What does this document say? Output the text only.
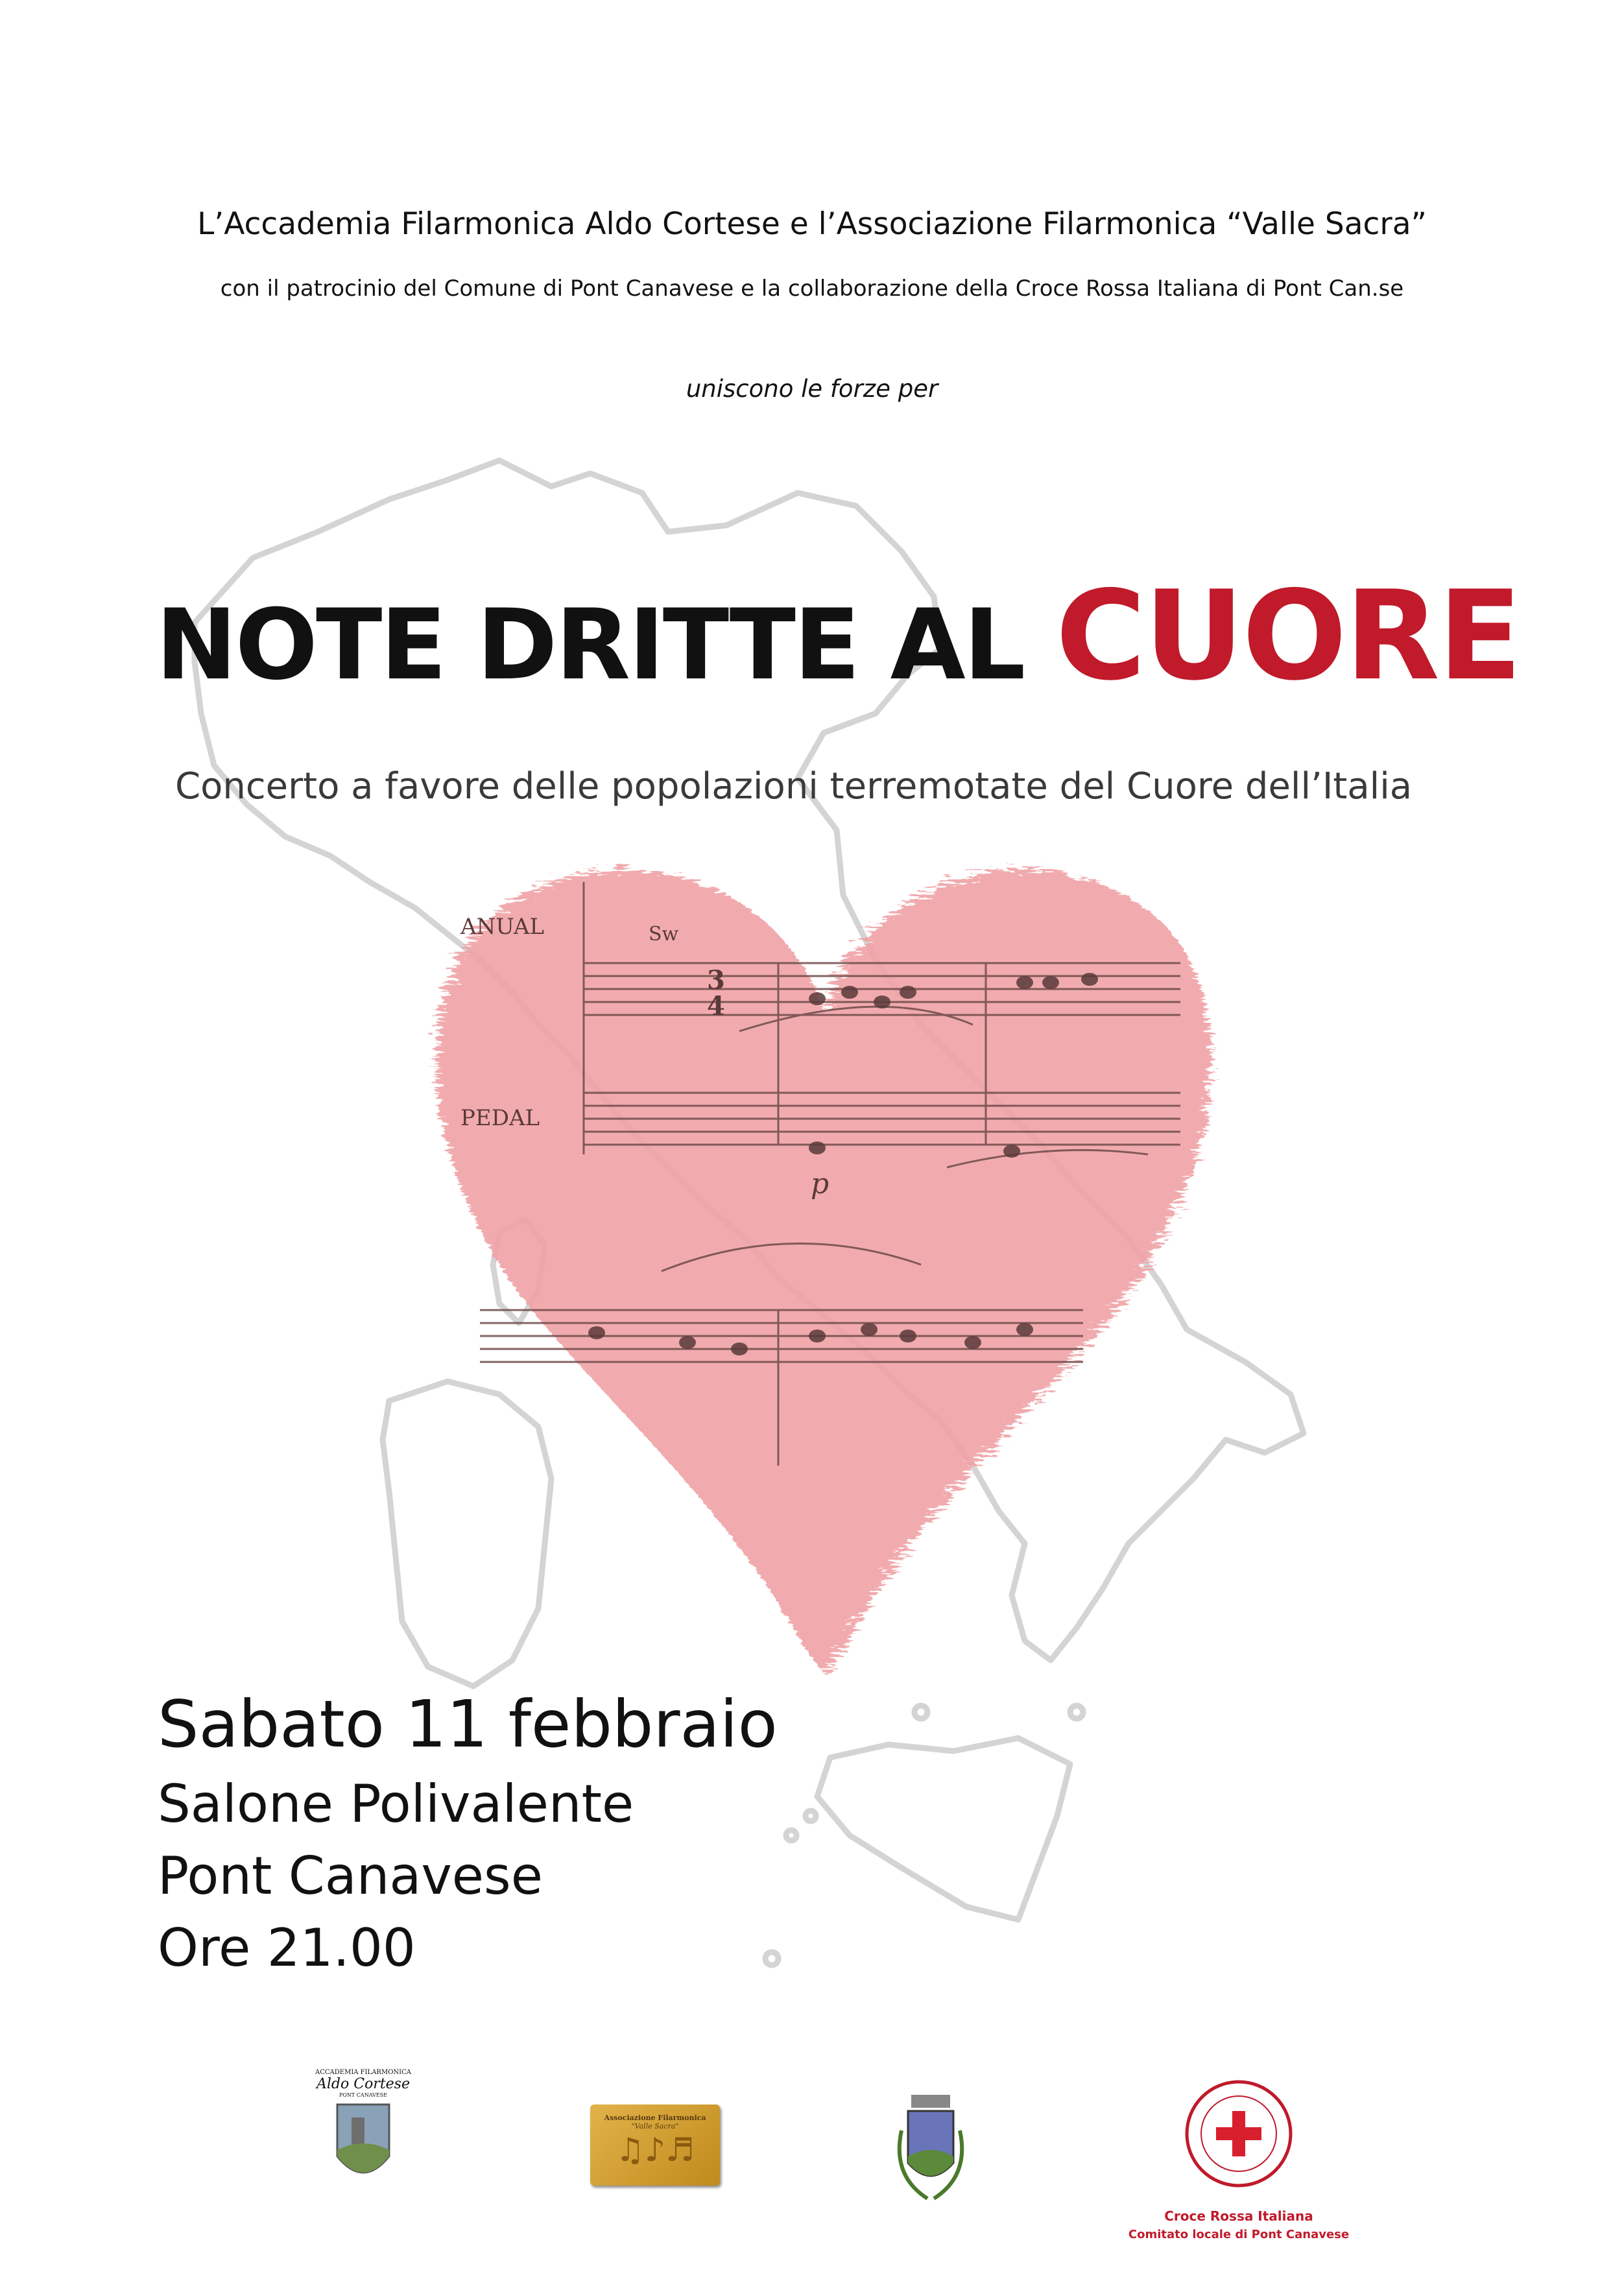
L’Accademia Filarmonica Aldo Cortese e l’Associazione Filarmonica “Valle Sacra”
con il patrocinio del Comune di Pont Canavese e la collaborazione della Croce Rossa Italiana di Pont Can.se
uniscono le forze per
NOTE DRITTE AL CUORE
Concerto a favore delle popolazioni terremotate del Cuore dell’Italia
ANUAL
PEDAL
Sw
3
4
p
Sabato 11 febbraio
Salone Polivalente
Pont Canavese
Ore 21.00
ACCADEMIA FILARMONICA
Aldo Cortese
PONT CANAVESE
Associazione Filarmonica
"Valle Sacra"
♫♪♬
Croce Rossa Italiana
Comitato locale di Pont Canavese
